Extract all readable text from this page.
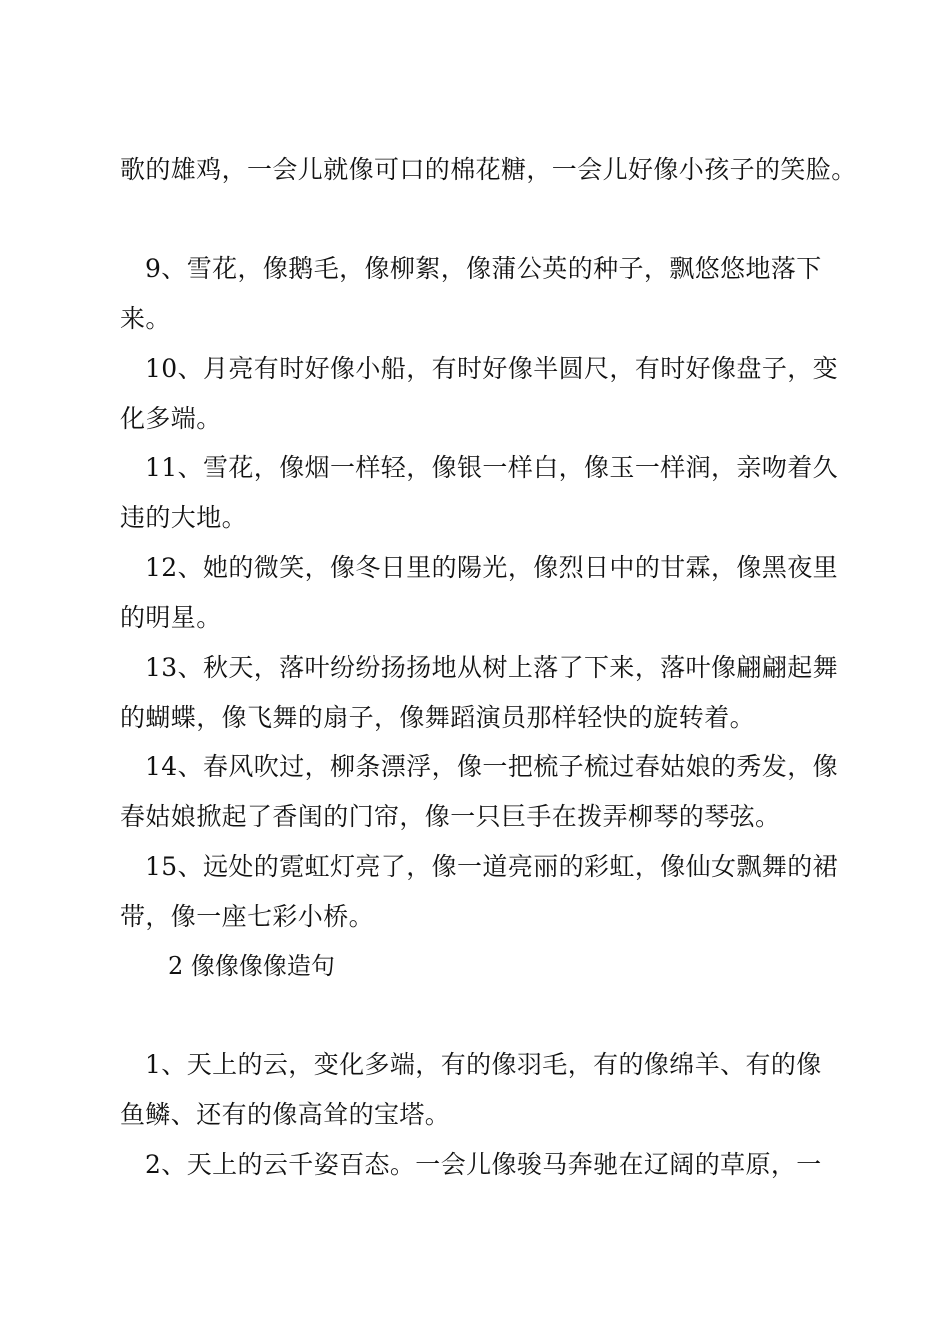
歌的雄鸡，一会儿就像可口的棉花糖，一会儿好像小孩子的笑脸。
9、雪花，像鹅毛，像柳絮，像蒲公英的种子，飘悠悠地落下
来。
10、月亮有时好像小船，有时好像半圆尺，有时好像盘子，变
化多端。
11、雪花，像烟一样轻，像银一样白，像玉一样润，亲吻着久
违的大地。
12、她的微笑，像冬日里的陽光，像烈日中的甘霖，像黑夜里
的明星。
13、秋天，落叶纷纷扬扬地从树上落了下来，落叶像翩翩起舞
的蝴蝶，像飞舞的扇子，像舞蹈演员那样轻快的旋转着。
14、春风吹过，柳条漂浮，像一把梳子梳过春姑娘的秀发，像
春姑娘掀起了香闺的门帘，像一只巨手在拨弄柳琴的琴弦。
15、远处的霓虹灯亮了，像一道亮丽的彩虹，像仙女飘舞的裙
带，像一座七彩小桥。
2 像像像像造句
1、天上的云，变化多端，有的像羽毛，有的像绵羊、有的像
鱼鳞、还有的像高耸的宝塔。
2、天上的云千姿百态。一会儿像骏马奔驰在辽阔的草原，一
